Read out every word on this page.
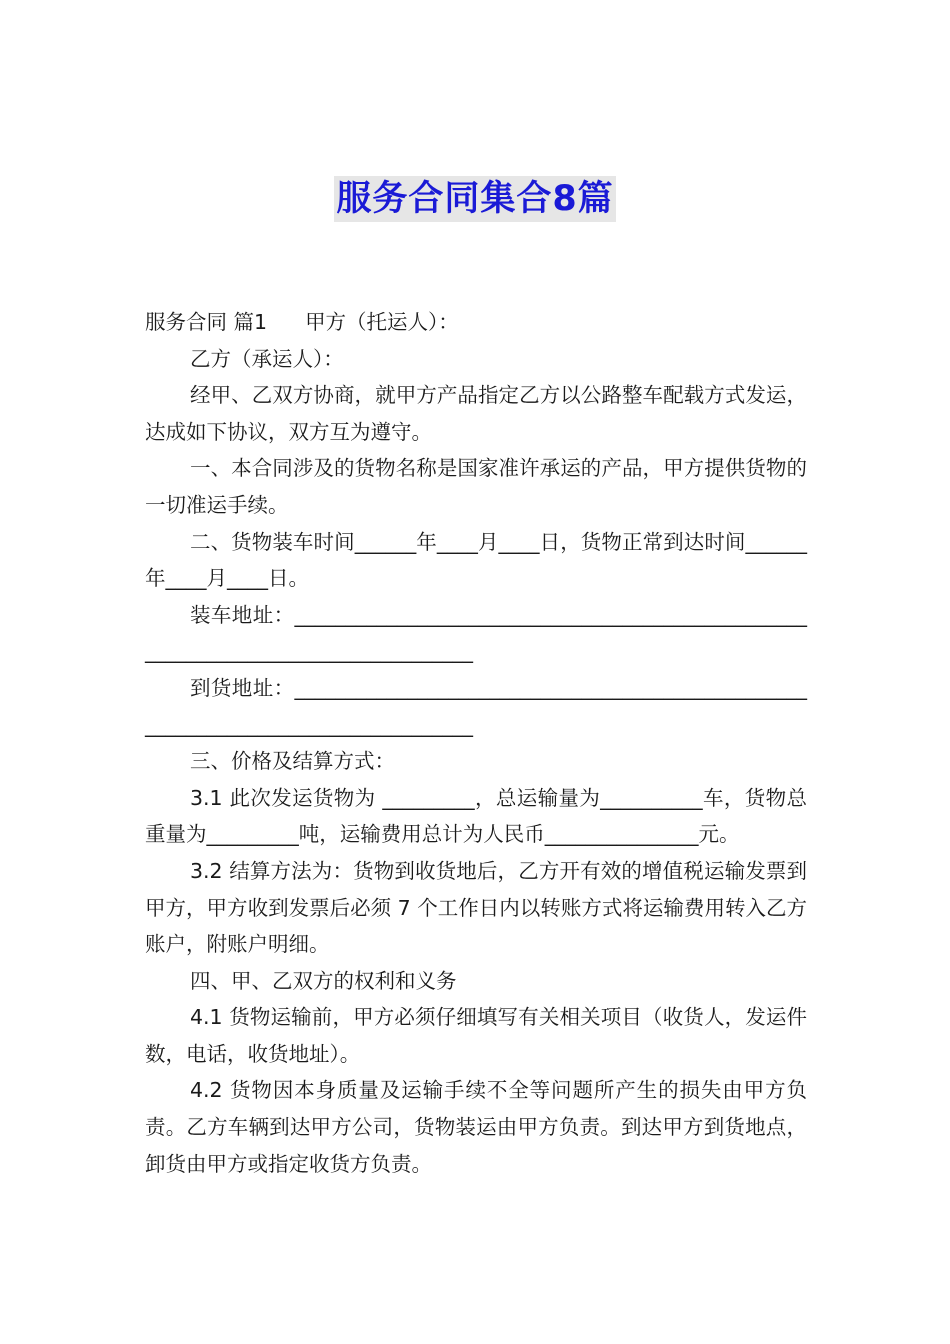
服务合同集合8篇

服务合同 篇1 甲方（托运人）：

乙方（承运人）：

经甲、乙双方协商，就甲方产品指定乙方以公路整车配载方式发运，达成如下协议，双方互为遵守。

一、本合同涉及的货物名称是国家准许承运的产品，甲方提供货物的一切准运手续。

二、货物装车时间______年____月____日，货物正常到达时间______年____月____日。

装车地址：__________________________________________________________________________________

到货地址：__________________________________________________________________________________

三、价格及结算方式：

3.1 此次发运货物为 _________，总运输量为__________车，货物总重量为_________吨，运输费用总计为人民币_______________元。

3.2 结算方法为：货物到收货地后，乙方开有效的增值税运输发票到甲方，甲方收到发票后必须 7 个工作日内以转账方式将运输费用转入乙方账户，附账户明细。

四、甲、乙双方的权利和义务

4.1 货物运输前，甲方必须仔细填写有关相关项目（收货人，发运件数，电话，收货地址）。

4.2 货物因本身质量及运输手续不全等问题所产生的损失由甲方负责。乙方车辆到达甲方公司，货物装运由甲方负责。到达甲方到货地点，卸货由甲方或指定收货方负责。
